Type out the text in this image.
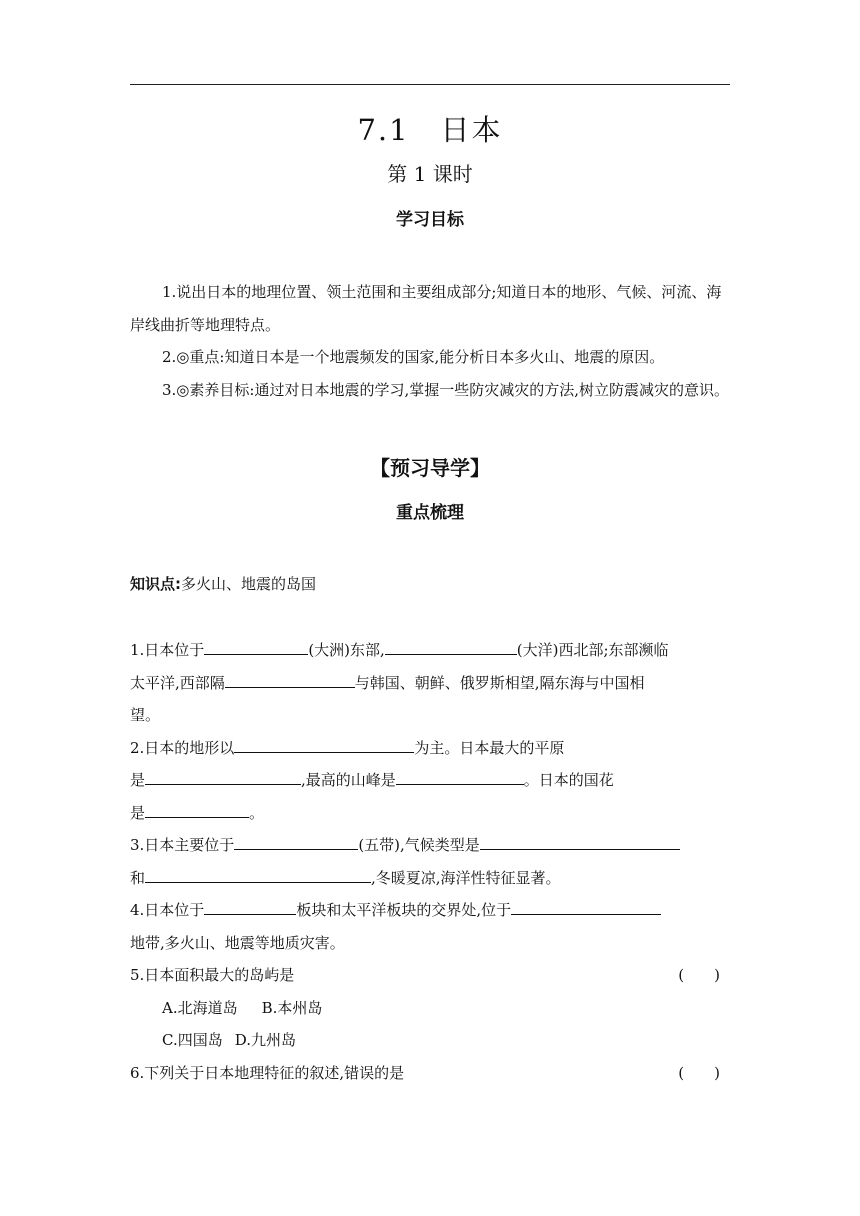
7.1　日本
第 1 课时
学习目标

1.说出日本的地理位置、领土范围和主要组成部分;知道日本的地形、气候、河流、海岸线曲折等地理特点。

2.◎重点:知道日本是一个地震频发的国家,能分析日本多火山、地震的原因。

3.◎素养目标:通过对日本地震的学习,掌握一些防灾减灾的方法,树立防震减灾的意识。

【预习导学】
重点梳理
知识点:多火山、地震的岛国
1.日本位于	(大洲)东部,	(大洋)西北部;东部濒临
太平洋,西部隔	与韩国、朝鲜、俄罗斯相望,隔东海与中国相
望。
2.日本的地形以	为主。日本最大的平原
是	,最高的山峰是	。日本的国花
是	。
3.日本主要位于	(五带),气候类型是
和	,冬暖夏凉,海洋性特征显著。
4.日本位于	板块和太平洋板块的交界处,位于
地带,多火山、地震等地质灾害。
5.日本面积最大的岛屿是	(　　)
A.北海道岛 B.本州岛
C.四国岛 D.九州岛
6.下列关于日本地理特征的叙述,错误的是	(　　)
